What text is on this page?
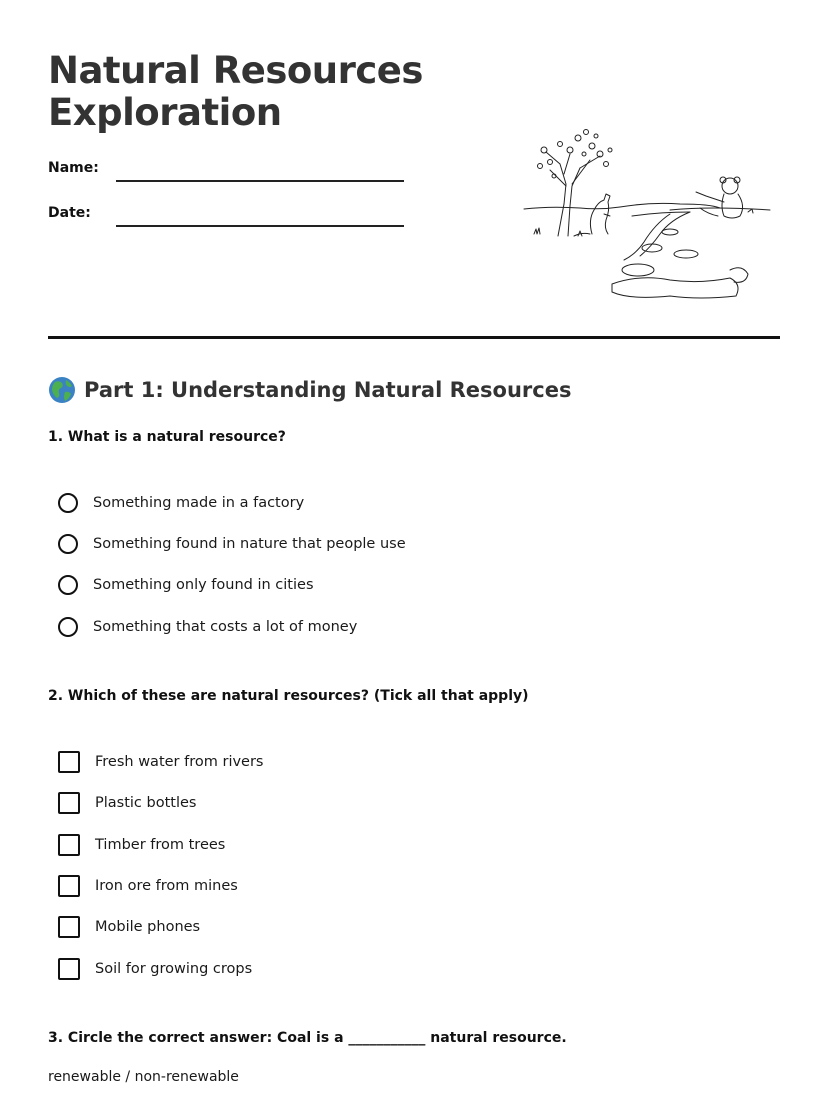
Natural Resources
Exploration
Name:
Date:
Part 1: Understanding Natural Resources
1. What is a natural resource?
Something made in a factory
Something found in nature that people use
Something only found in cities
Something that costs a lot of money
2. Which of these are natural resources? (Tick all that apply)
Fresh water from rivers
Plastic bottles
Timber from trees
Iron ore from mines
Mobile phones
Soil for growing crops
3. Circle the correct answer: Coal is a ___________ natural resource.
renewable / non-renewable
